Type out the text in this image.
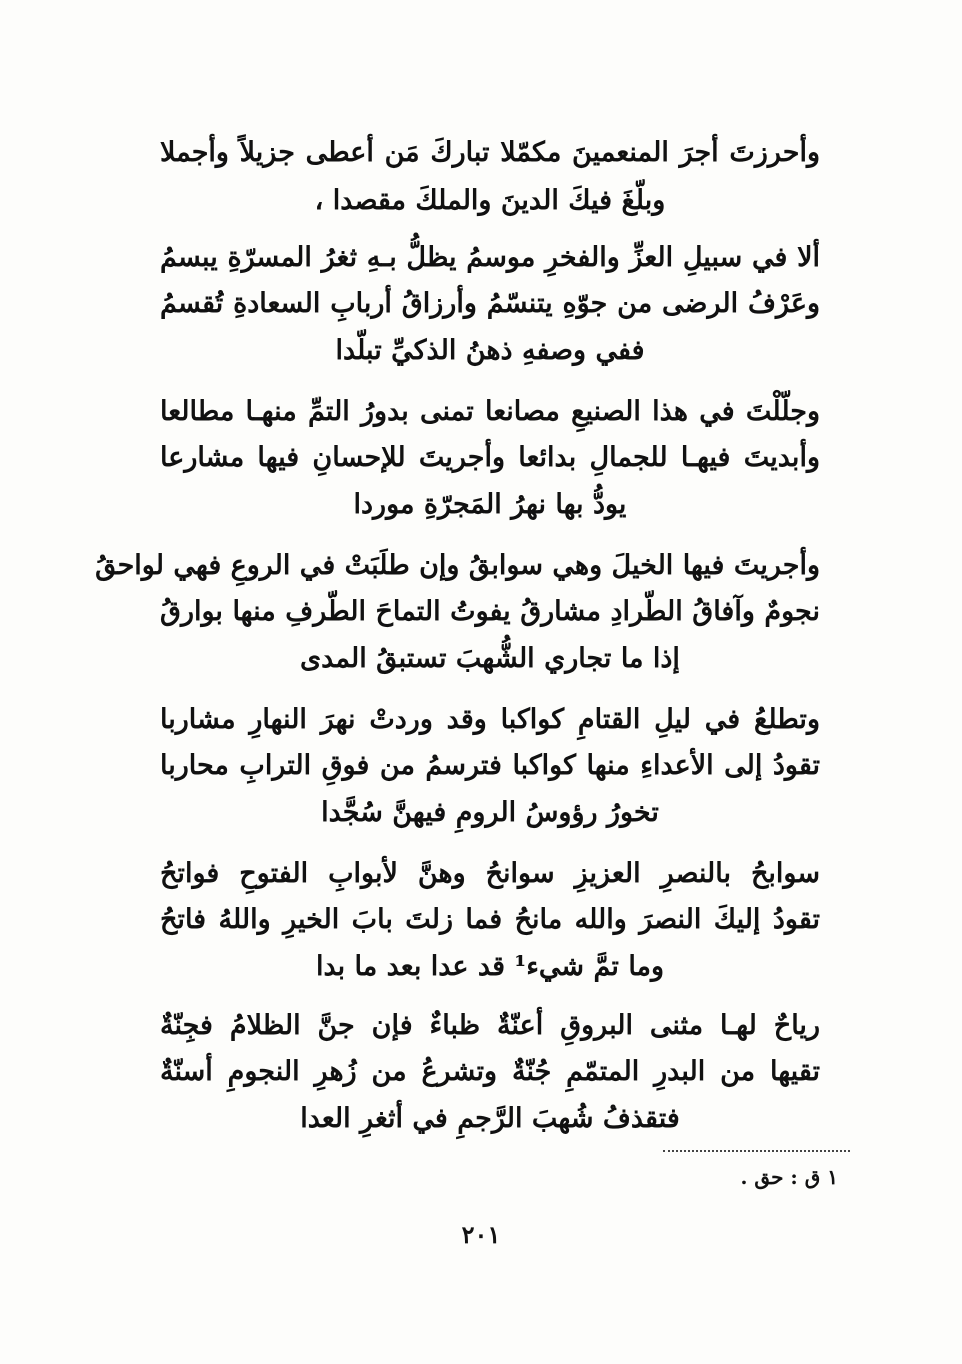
وأحرزتَ أجرَ المنعمينَ مكمّلا تباركَ مَن أعطى جزيلاً وأجملا
وبلّغَ فيكَ الدينَ والملكَ مقصدا ،
ألا في سبيلِ العزِّ والفخرِ موسمُ يظلُّ بـهِ ثغرُ المسرّةِ يبسمُ
وعَرْفُ الرضى من جوّهِ يتنسّمُ وأرزاقُ أربابِ السعادةِ تُقسمُ
ففي وصفهِ ذهنُ الذكيِّ تبلّدا
وجلّلْتَ في هذا الصنيعِ مصانعا تمنى بدورُ التمِّ منهـا مطالعا
وأبديتَ فيهـا للجمالِ بدائعا وأجريتَ للإحسانِ فيها مشارعا
يودُّ بها نهرُ المَجرّةِ موردا
وأجريتَ فيها الخيلَ وهي سوابقُ وإن طلَبَتْ في الروعِ فهي لواحقُ
نجومٌ وآفاقُ الطّرادِ مشارقُ يفوتُ التماحَ الطّرفِ منها بوارقُ
إذا ما تجاري الشُّهبَ تستبقُ المدى
وتطلعُ في ليلِ القتامِ كواكبا وقد وردتْ نهرَ النهارِ مشاربا
تقودُ إلى الأعداءِ منها كواكبا فترسمُ من فوقِ الترابِ محاربا
تخورُ رؤوسُ الرومِ فيهنَّ سُجَّدا
سوابحُ بالنصرِ العزيزِ سوانحُ وهنَّ لأبوابِ الفتوحِ فواتحُ
تقودُ إليكَ النصرَ والله مانحُ فما زلتَ بابَ الخيرِ واللهُ فاتحُ
وما تمَّ شيء¹ قد عدا بعد ما بدا
رياحٌ لهـا مثنى البروقِ أعنّةٌ ظباءٌ فإن جنَّ الظلامُ فجِنّةٌ
تقيها من البدرِ المتمّمِ جُنّةٌ وتشرعُ من زُهرِ النجومِ أسنّةٌ
فتقذفُ شُهبَ الرَّجمِ في أثغرِ العدا
١ ق : حق .
٢٠١
